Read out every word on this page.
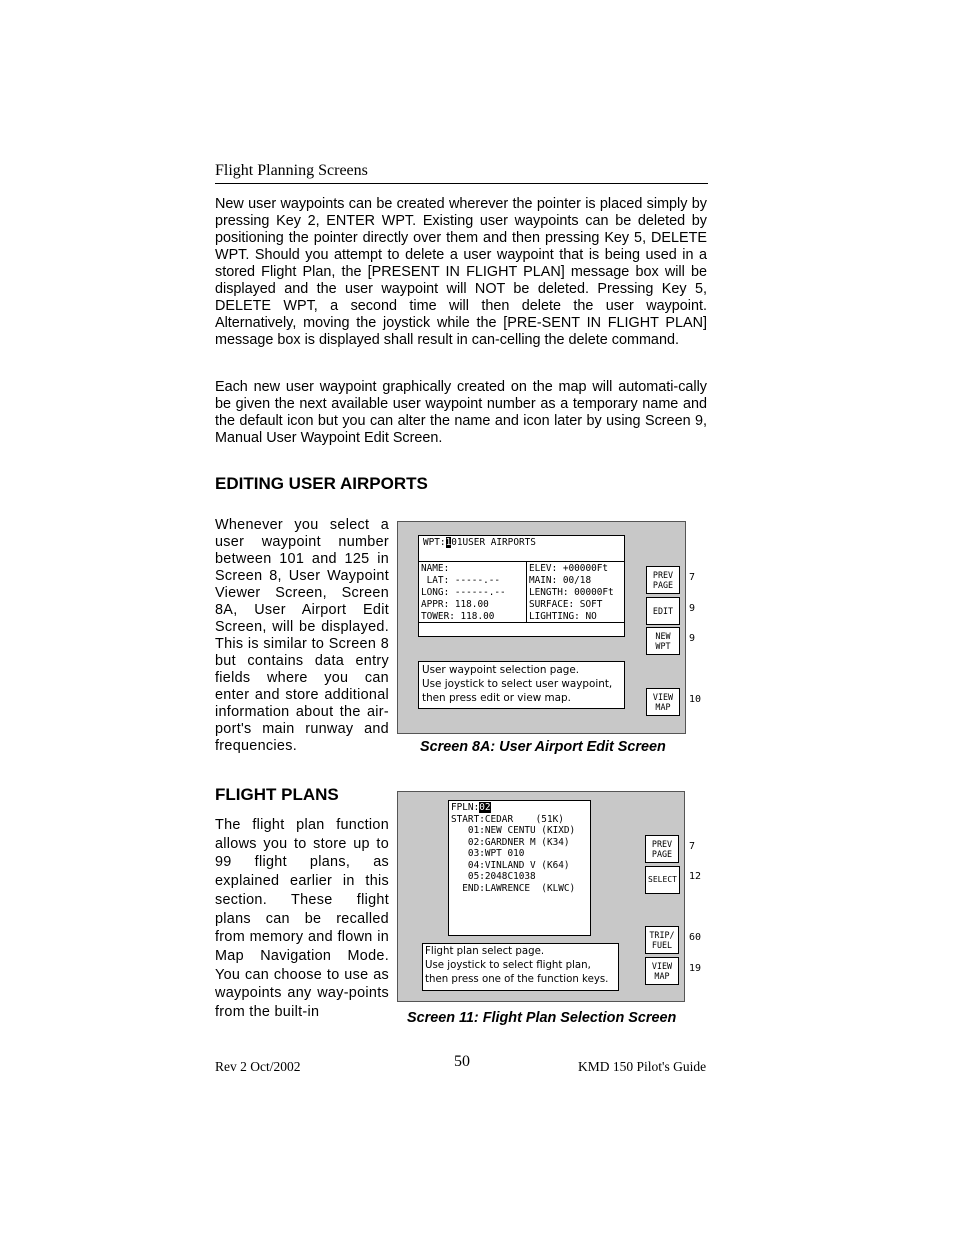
Flight Planning Screens

New user waypoints can be created wherever the pointer is placed simply by pressing Key 2, ENTER WPT. Existing user waypoints can be deleted by positioning the pointer directly over them and then pressing Key 5, DELETE WPT. Should you attempt to delete a user waypoint that is being used in a stored Flight Plan, the [PRESENT IN FLIGHT PLAN] message box will be displayed and the user waypoint will NOT be deleted. Pressing Key 5, DELETE WPT, a second time will then delete the user waypoint. Alternatively, moving the joystick while the [PRE-SENT IN FLIGHT PLAN] message box is displayed shall result in can-celling the delete command.

Each new user waypoint graphically created on the map will automati-cally be given the next available user waypoint number as a temporary name and the default icon but you can alter the name and icon later by using Screen 9, Manual User Waypoint Edit Screen.

EDITING USER AIRPORTS

Whenever you select a user waypoint number between 101 and 125 in Screen 8, User Waypoint Viewer Screen, Screen 8A, User Airport Edit Screen, will be displayed. This is similar to Screen 8 but contains data entry fields where you can enter and store additional information about the air-port's main runway and frequencies.

WPT:101USER AIRPORTS
NAME:
LAT: -----.--
LONG: ------.--
APPR: 118.00
TOWER: 118.00
ELEV: +00000Ft
MAIN: 00/18
LENGTH: 00000Ft
SURFACE: SOFT
LIGHTING: NO
User waypoint selection page.
Use joystick to select user waypoint,
then press edit or view map.
PREV
PAGE
EDIT
NEW
WPT
VIEW
MAP
7
9
9
10
Screen 8A: User Airport Edit Screen
FLIGHT PLANS

The flight plan function allows you to store up to 99 flight plans, as explained earlier in this section. These flight plans can be recalled from memory and flown in Map Navigation Mode. You can choose to use as waypoints any way-points from the built-in

FPLN:02
START:CEDAR    (51K)
01:NEW CENTU (KIXD)
02:GARDNER M (K34)
03:WPT 010
04:VINLAND V (K64)
05:2048C1038
END:LAWRENCE  (KLWC)
Flight plan select page.
Use joystick to select flight plan,
then press one of the function keys.
PREV
PAGE
SELECT
TRIP/
FUEL
VIEW
MAP
7
12
60
19
Screen 11: Flight Plan Selection Screen
Rev 2 Oct/2002	50	KMD 150 Pilot's Guide
